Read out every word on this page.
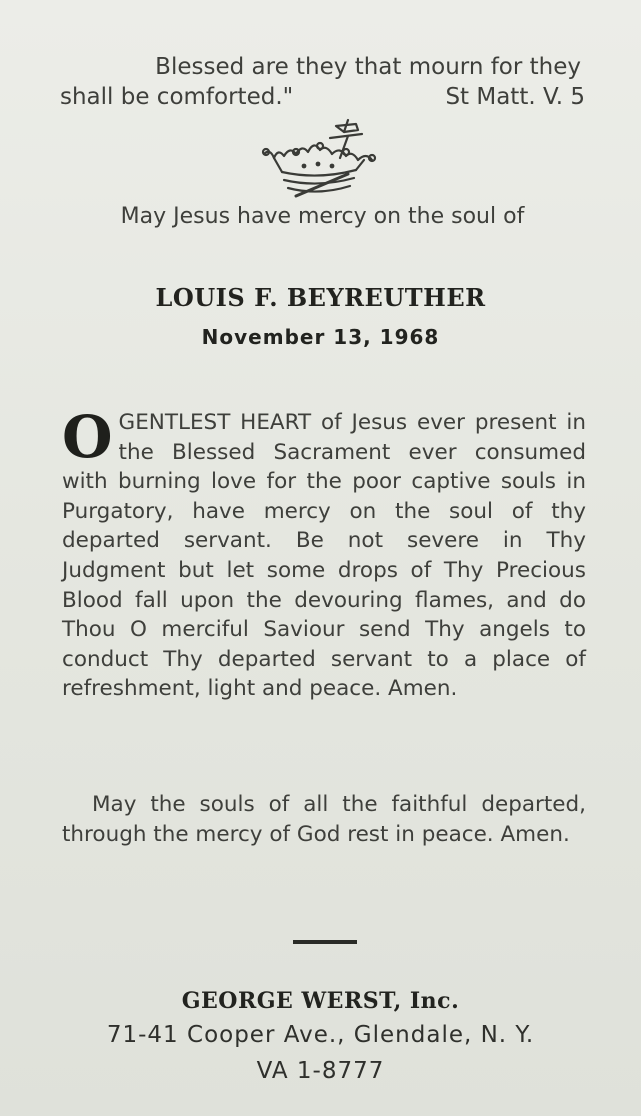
Blessed are they that mourn for they
shall be comforted."	St Matt. V. 5
May Jesus have mercy on the soul of
LOUIS F. BEYREUTHER
November 13, 1968
OGENTLEST HEART of Jesus ever present in the Blessed Sacrament ever consumed with burning love for the poor captive souls in Purgatory, have mercy on the soul of thy departed servant. Be not severe in Thy Judgment but let some drops of Thy Precious Blood fall upon the devouring flames, and do Thou O merciful Saviour send Thy angels to conduct Thy departed servant to a place of refreshment, light and peace. Amen.
May the souls of all the faithful departed, through the mercy of God rest in peace. Amen.
GEORGE WERST, Inc.
71-41 Cooper Ave., Glendale, N. Y.
VA 1-8777
